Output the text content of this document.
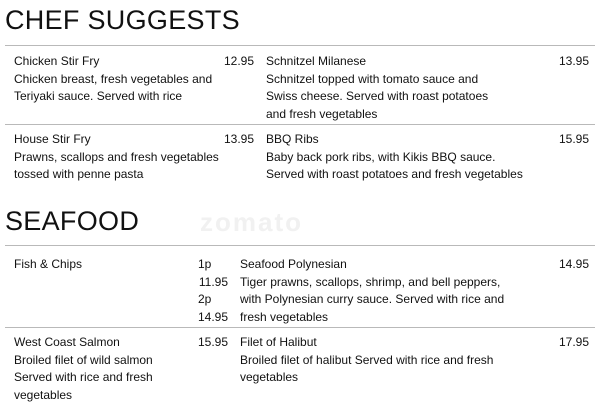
zomato
CHEF SUGGESTS
Chicken Stir Fry
Chicken breast, fresh vegetables and Teriyaki sauce. Served with rice
12.95 Schnitzel Milanese
Schnitzel topped with tomato sauce and Swiss cheese. Served with roast potatoes and fresh vegetables
13.95
House Stir Fry
Prawns, scallops and fresh vegetables tossed with penne pasta
13.95 BBQ Ribs
Baby back pork ribs, with Kikis BBQ sauce. Served with roast potatoes and fresh vegetables
15.95
SEAFOOD
Fish & Chips	1p
11.95
2p
14.95
Seafood Polynesian
Tiger prawns, scallops, shrimp, and bell peppers, with Polynesian curry sauce. Served with rice and fresh vegetables
14.95
West Coast Salmon
Broiled filet of wild salmon Served with rice and fresh vegetables
15.95 Filet of Halibut
Broiled filet of halibut Served with rice and fresh vegetables
17.95
